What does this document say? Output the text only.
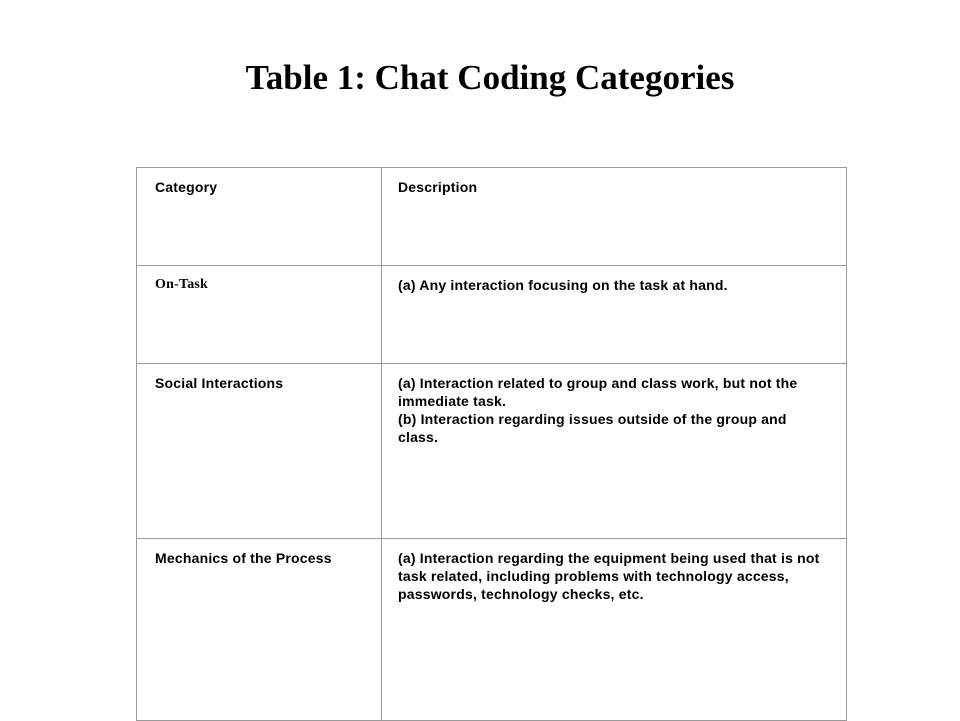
Table 1: Chat Coding Categories
Category	Description

On-Task	(a) Any interaction focusing on the task at hand.

Social Interactions	(a) Interaction related to group and class work, but not the immediate task.
(b) Interaction regarding issues outside of the group and class.

Mechanics of the Process	(a) Interaction regarding the equipment being used that is not task related, including problems with technology access, passwords, technology checks, etc.
